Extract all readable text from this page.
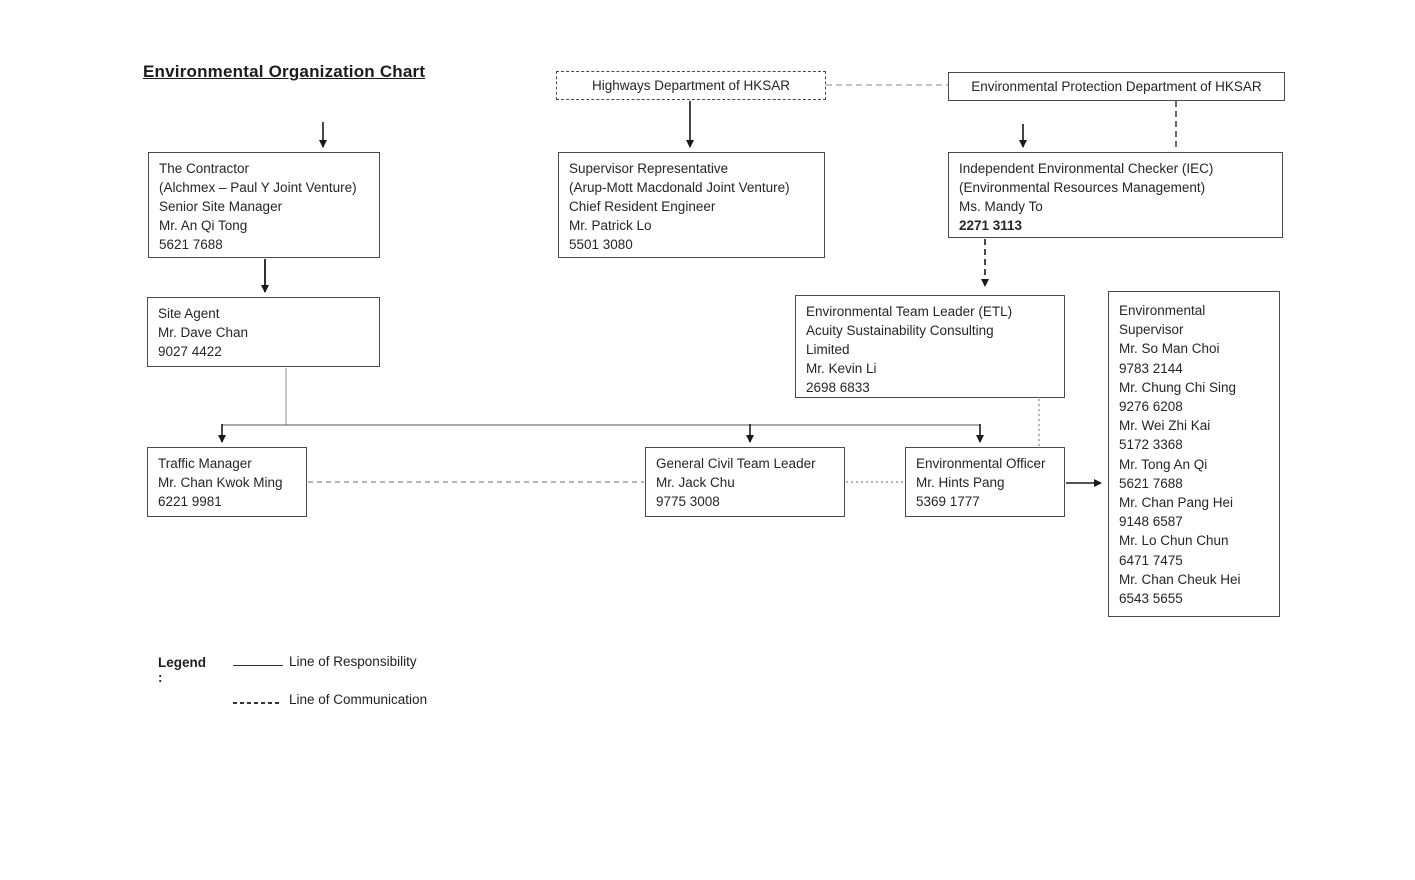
Environmental Organization Chart
Highways Department of HKSAR	Environmental Protection Department of HKSAR
The Contractor
(Alchmex – Paul Y Joint Venture)
Senior Site Manager
Mr. An Qi Tong
5621 7688
Supervisor Representative
(Arup-Mott Macdonald Joint Venture)
Chief Resident Engineer
Mr. Patrick Lo
5501 3080
Independent Environmental Checker (IEC)
(Environmental Resources Management)
Ms. Mandy To
2271 3113
Site Agent
Mr. Dave Chan
9027 4422
Environmental Team Leader (ETL)
Acuity Sustainability Consulting
Limited
Mr. Kevin Li
2698 6833
Environmental
Supervisor
Mr. So Man Choi
9783 2144
Mr. Chung Chi Sing
9276 6208
Mr. Wei Zhi Kai
5172 3368
Mr. Tong An Qi
5621 7688
Mr. Chan Pang Hei
9148 6587
Mr. Lo Chun Chun
6471 7475
Mr. Chan Cheuk Hei
6543 5655
Traffic Manager
Mr. Chan Kwok Ming
6221 9981
General Civil Team Leader
Mr. Jack Chu
9775 3008
Environmental Officer
Mr. Hints Pang
5369 1777
Legend :
Line of Responsibility
Line of Communication
